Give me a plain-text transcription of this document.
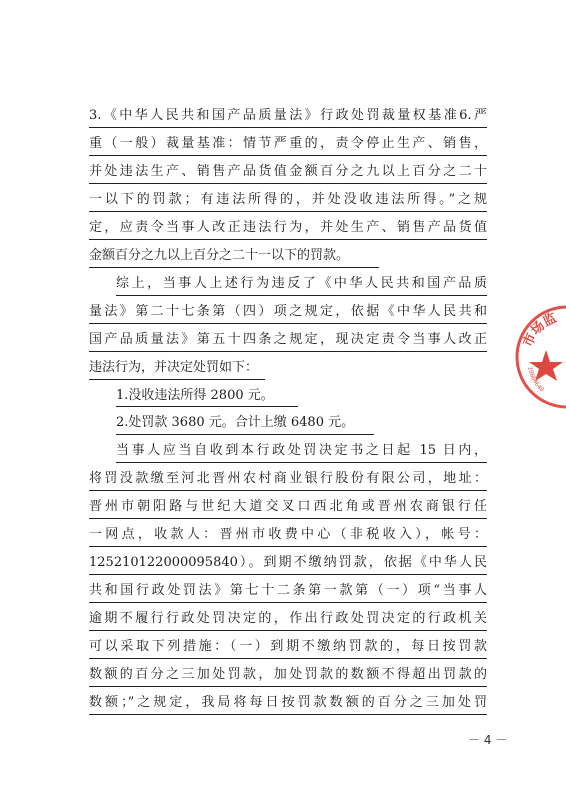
3.《中华人民共和国产品质量法》行政处罚裁量权基准6.严
重（一般）裁量基准：情节严重的，责令停止生产、销售，
并处违法生产、销售产品货值金额百分之九以上百分之二十
一以下的罚款；有违法所得的，并处没收违法所得。”之规
定，应责令当事人改正违法行为，并处生产、销售产品货值
金额百分之九以上百分之二十一以下的罚款。
综上，当事人上述行为违反了《中华人民共和国产品质
量法》第二十七条第（四）项之规定，依据《中华人民共和
国产品质量法》第五十四条之规定，现决定责令当事人改正
违法行为，并决定处罚如下：
1.没收违法所得 2800 元。
2.处罚款 3680 元。合计上缴 6480 元。
当事人应当自收到本行政处罚决定书之日起 15 日内，
将罚没款缴至河北晋州农村商业银行股份有限公司，地址：
晋州市朝阳路与世纪大道交叉口西北角或晋州农商银行任
一网点，收款人：晋州市收费中心（非税收入），帐号：
125210122000095840）。到期不缴纳罚款，依据《中华人民
共和国行政处罚法》第七十二条第一款第（一）项“当事人
逾期不履行行政处罚决定的，作出行政处罚决定的行政机关
可以采取下列措施：（一）到期不缴纳罚款的，每日按罚款
数额的百分之三加处罚款，加处罚款的数额不得超出罚款的
数额；”之规定，我局将每日按罚款数额的百分之三加处罚
市场监
18664640
－ 4 －
